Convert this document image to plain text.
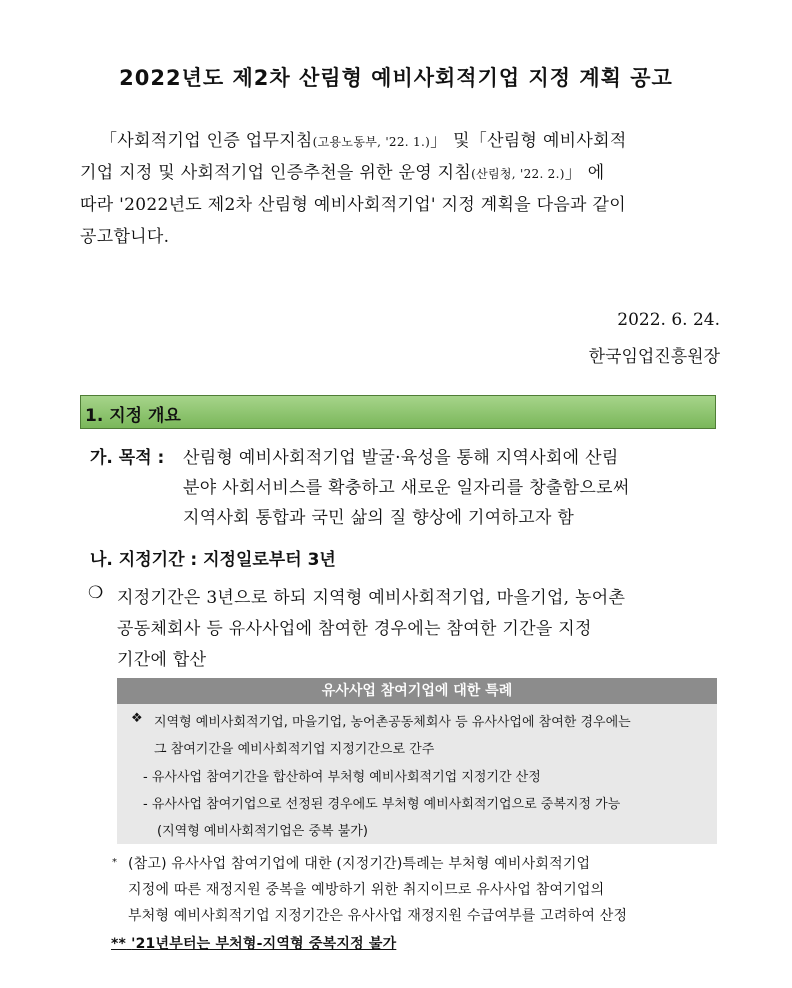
2022년도 제2차 산림형 예비사회적기업 지정 계획 공고
「사회적기업 인증 업무지침(고용노동부, '22. 1.)」 및「산림형 예비사회적
기업 지정 및 사회적기업 인증추천을 위한 운영 지침(산림청, '22. 2.)」 에
따라 '2022년도 제2차 산림형 예비사회적기업' 지정 계획을 다음과 같이
공고합니다.
2022. 6. 24.
한국임업진흥원장
1. 지정 개요
가. 목적 : 산림형 예비사회적기업 발굴·육성을 통해 지역사회에 산림
분야 사회서비스를 확충하고 새로운 일자리를 창출함으로써
지역사회 통합과 국민 삶의 질 향상에 기여하고자 함
나. 지정기간 : 지정일로부터 3년
❍ 지정기간은 3년으로 하되 지역형 예비사회적기업, 마을기업, 농어촌
공동체회사 등 유사사업에 참여한 경우에는 참여한 기간을 지정
기간에 합산
유사사업 참여기업에 대한 특례
❖ 지역형 예비사회적기업, 마을기업, 농어촌공동체회사 등 유사사업에 참여한 경우에는
그 참여기간을 예비사회적기업 지정기간으로 간주
- 유사사업 참여기간을 합산하여 부처형 예비사회적기업 지정기간 산정
- 유사사업 참여기업으로 선정된 경우에도 부처형 예비사회적기업으로 중복지정 가능
(지역형 예비사회적기업은 중복 불가)
* (참고) 유사사업 참여기업에 대한 (지정기간)특례는 부처형 예비사회적기업
지정에 따른 재정지원 중복을 예방하기 위한 취지이므로 유사사업 참여기업의
부처형 예비사회적기업 지정기간은 유사사업 재정지원 수급여부를 고려하여 산정
** '21년부터는 부처형-지역형 중복지정 불가
